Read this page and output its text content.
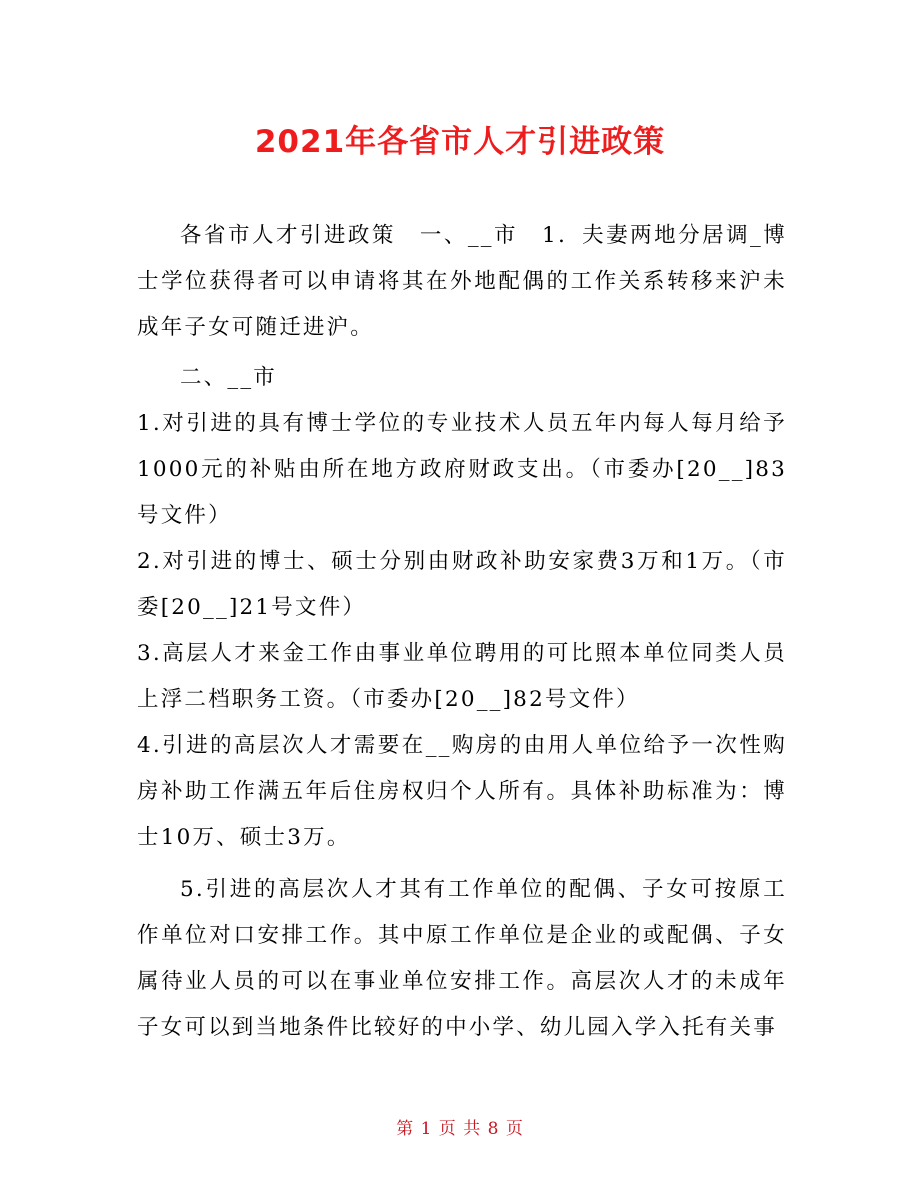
2021年各省市人才引进政策

各省市人才引进政策　一、__市　1．夫妻两地分居调_博士学位获得者可以申请将其在外地配偶的工作关系转移来沪未成年子女可随迁进沪。

二、__市

1.对引进的具有博士学位的专业技术人员五年内每人每月给予1000元的补贴由所在地方政府财政支出。（市委办[20__]83号文件）

2.对引进的博士、硕士分别由财政补助安家费3万和1万。（市委[20__]21号文件）

3.高层人才来金工作由事业单位聘用的可比照本单位同类人员上浮二档职务工资。（市委办[20__]82号文件）

4.引进的高层次人才需要在__购房的由用人单位给予一次性购房补助工作满五年后住房权归个人所有。具体补助标准为：博士10万、硕士3万。

5.引进的高层次人才其有工作单位的配偶、子女可按原工作单位对口安排工作。其中原工作单位是企业的或配偶、子女属待业人员的可以在事业单位安排工作。高层次人才的未成年子女可以到当地条件比较好的中小学、幼儿园入学入托有关事

第 1 页 共 8 页
